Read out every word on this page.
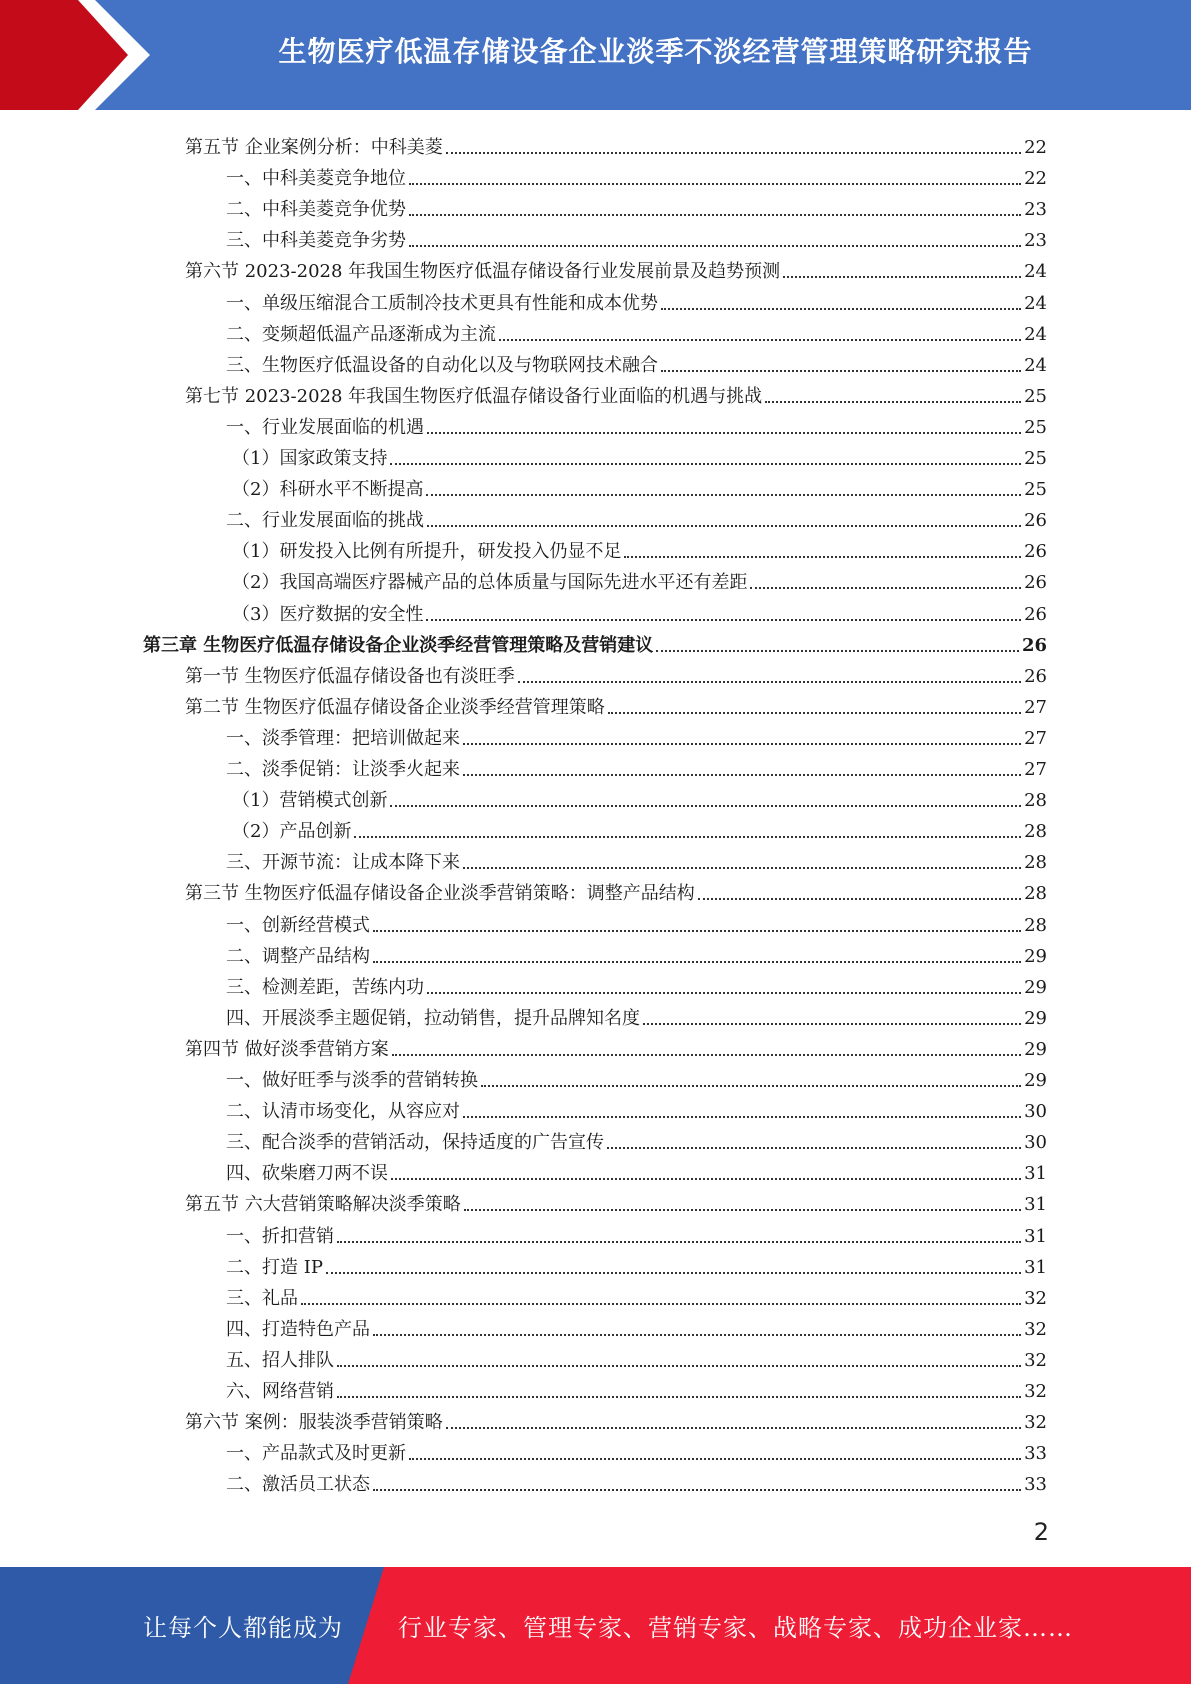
生物医疗低温存储设备企业淡季不淡经营管理策略研究报告
第五节 企业案例分析：中科美菱	22
一、中科美菱竞争地位	22
二、中科美菱竞争优势	23
三、中科美菱竞争劣势	23
第六节 2023-2028 年我国生物医疗低温存储设备行业发展前景及趋势预测	24
一、单级压缩混合工质制冷技术更具有性能和成本优势	24
二、变频超低温产品逐渐成为主流	24
三、生物医疗低温设备的自动化以及与物联网技术融合	24
第七节 2023-2028 年我国生物医疗低温存储设备行业面临的机遇与挑战	25
一、行业发展面临的机遇	25
（1）国家政策支持	25
（2）科研水平不断提高	25
二、行业发展面临的挑战	26
（1）研发投入比例有所提升，研发投入仍显不足	26
（2）我国高端医疗器械产品的总体质量与国际先进水平还有差距	26
（3）医疗数据的安全性	26
第三章 生物医疗低温存储设备企业淡季经营管理策略及营销建议	26
第一节 生物医疗低温存储设备也有淡旺季	26
第二节 生物医疗低温存储设备企业淡季经营管理策略	27
一、淡季管理：把培训做起来	27
二、淡季促销：让淡季火起来	27
（1）营销模式创新	28
（2）产品创新	28
三、开源节流：让成本降下来	28
第三节 生物医疗低温存储设备企业淡季营销策略：调整产品结构	28
一、创新经营模式	28
二、调整产品结构	29
三、检测差距，苦练内功	29
四、开展淡季主题促销，拉动销售，提升品牌知名度	29
第四节 做好淡季营销方案	29
一、做好旺季与淡季的营销转换	29
二、认清市场变化，从容应对	30
三、配合淡季的营销活动，保持适度的广告宣传	30
四、砍柴磨刀两不误	31
第五节 六大营销策略解决淡季策略	31
一、折扣营销	31
二、打造 IP	31
三、礼品	32
四、打造特色产品	32
五、招人排队	32
六、网络营销	32
第六节 案例：服装淡季营销策略	32
一、产品款式及时更新	33
二、激活员工状态	33
2
让每个人都能成为 行业专家、管理专家、营销专家、战略专家、成功企业家……
